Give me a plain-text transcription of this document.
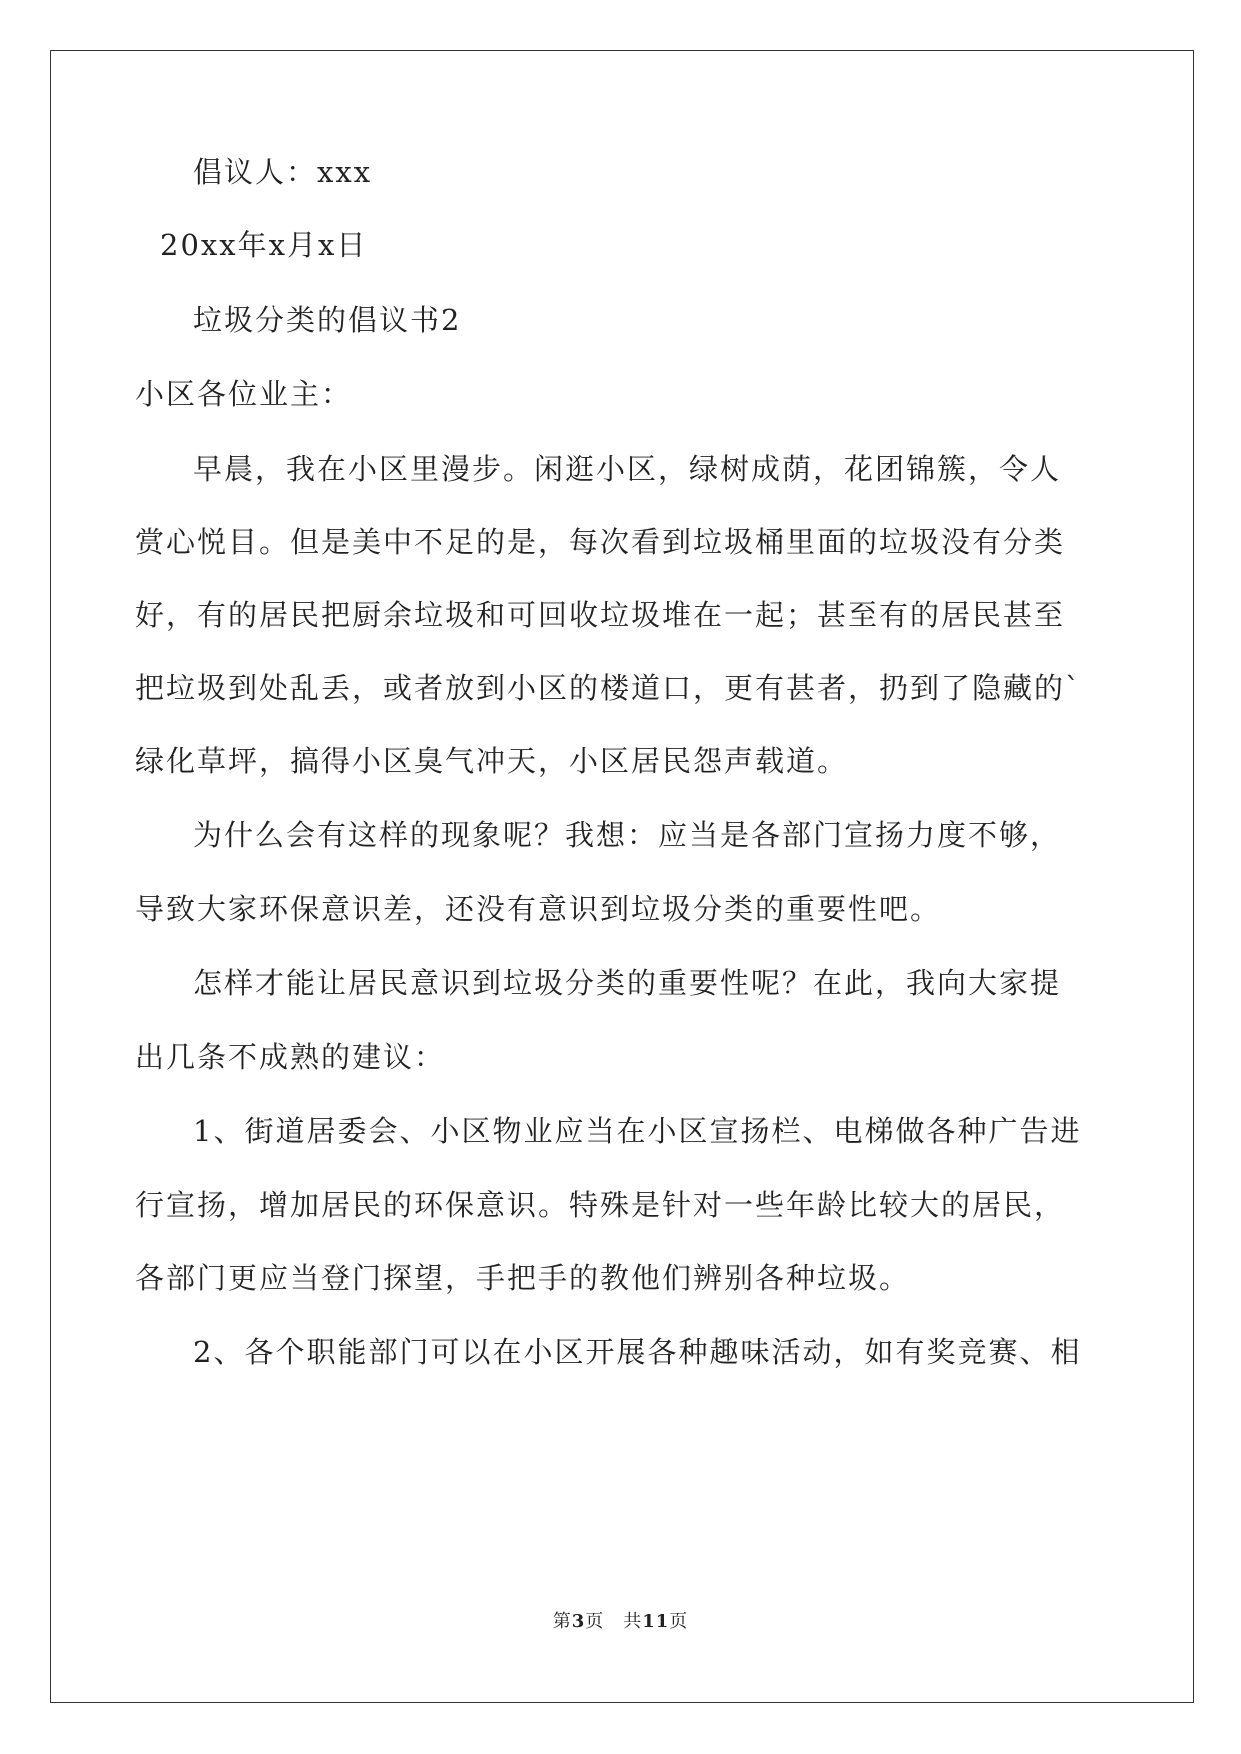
倡议人：xxx
20xx年x月x日
垃圾分类的倡议书2
小区各位业主：
早晨，我在小区里漫步。闲逛小区，绿树成荫，花团锦簇，令人
赏心悦目。但是美中不足的是，每次看到垃圾桶里面的垃圾没有分类
好，有的居民把厨余垃圾和可回收垃圾堆在一起；甚至有的居民甚至
把垃圾到处乱丢，或者放到小区的楼道口，更有甚者，扔到了隐藏的`
绿化草坪，搞得小区臭气冲天，小区居民怨声载道。
为什么会有这样的现象呢？我想：应当是各部门宣扬力度不够，
导致大家环保意识差，还没有意识到垃圾分类的重要性吧。
怎样才能让居民意识到垃圾分类的重要性呢？在此，我向大家提
出几条不成熟的建议：
1、街道居委会、小区物业应当在小区宣扬栏、电梯做各种广告进
行宣扬，增加居民的环保意识。特殊是针对一些年龄比较大的居民，
各部门更应当登门探望，手把手的教他们辨别各种垃圾。
2、各个职能部门可以在小区开展各种趣味活动，如有奖竞赛、相
第3页　共11页
